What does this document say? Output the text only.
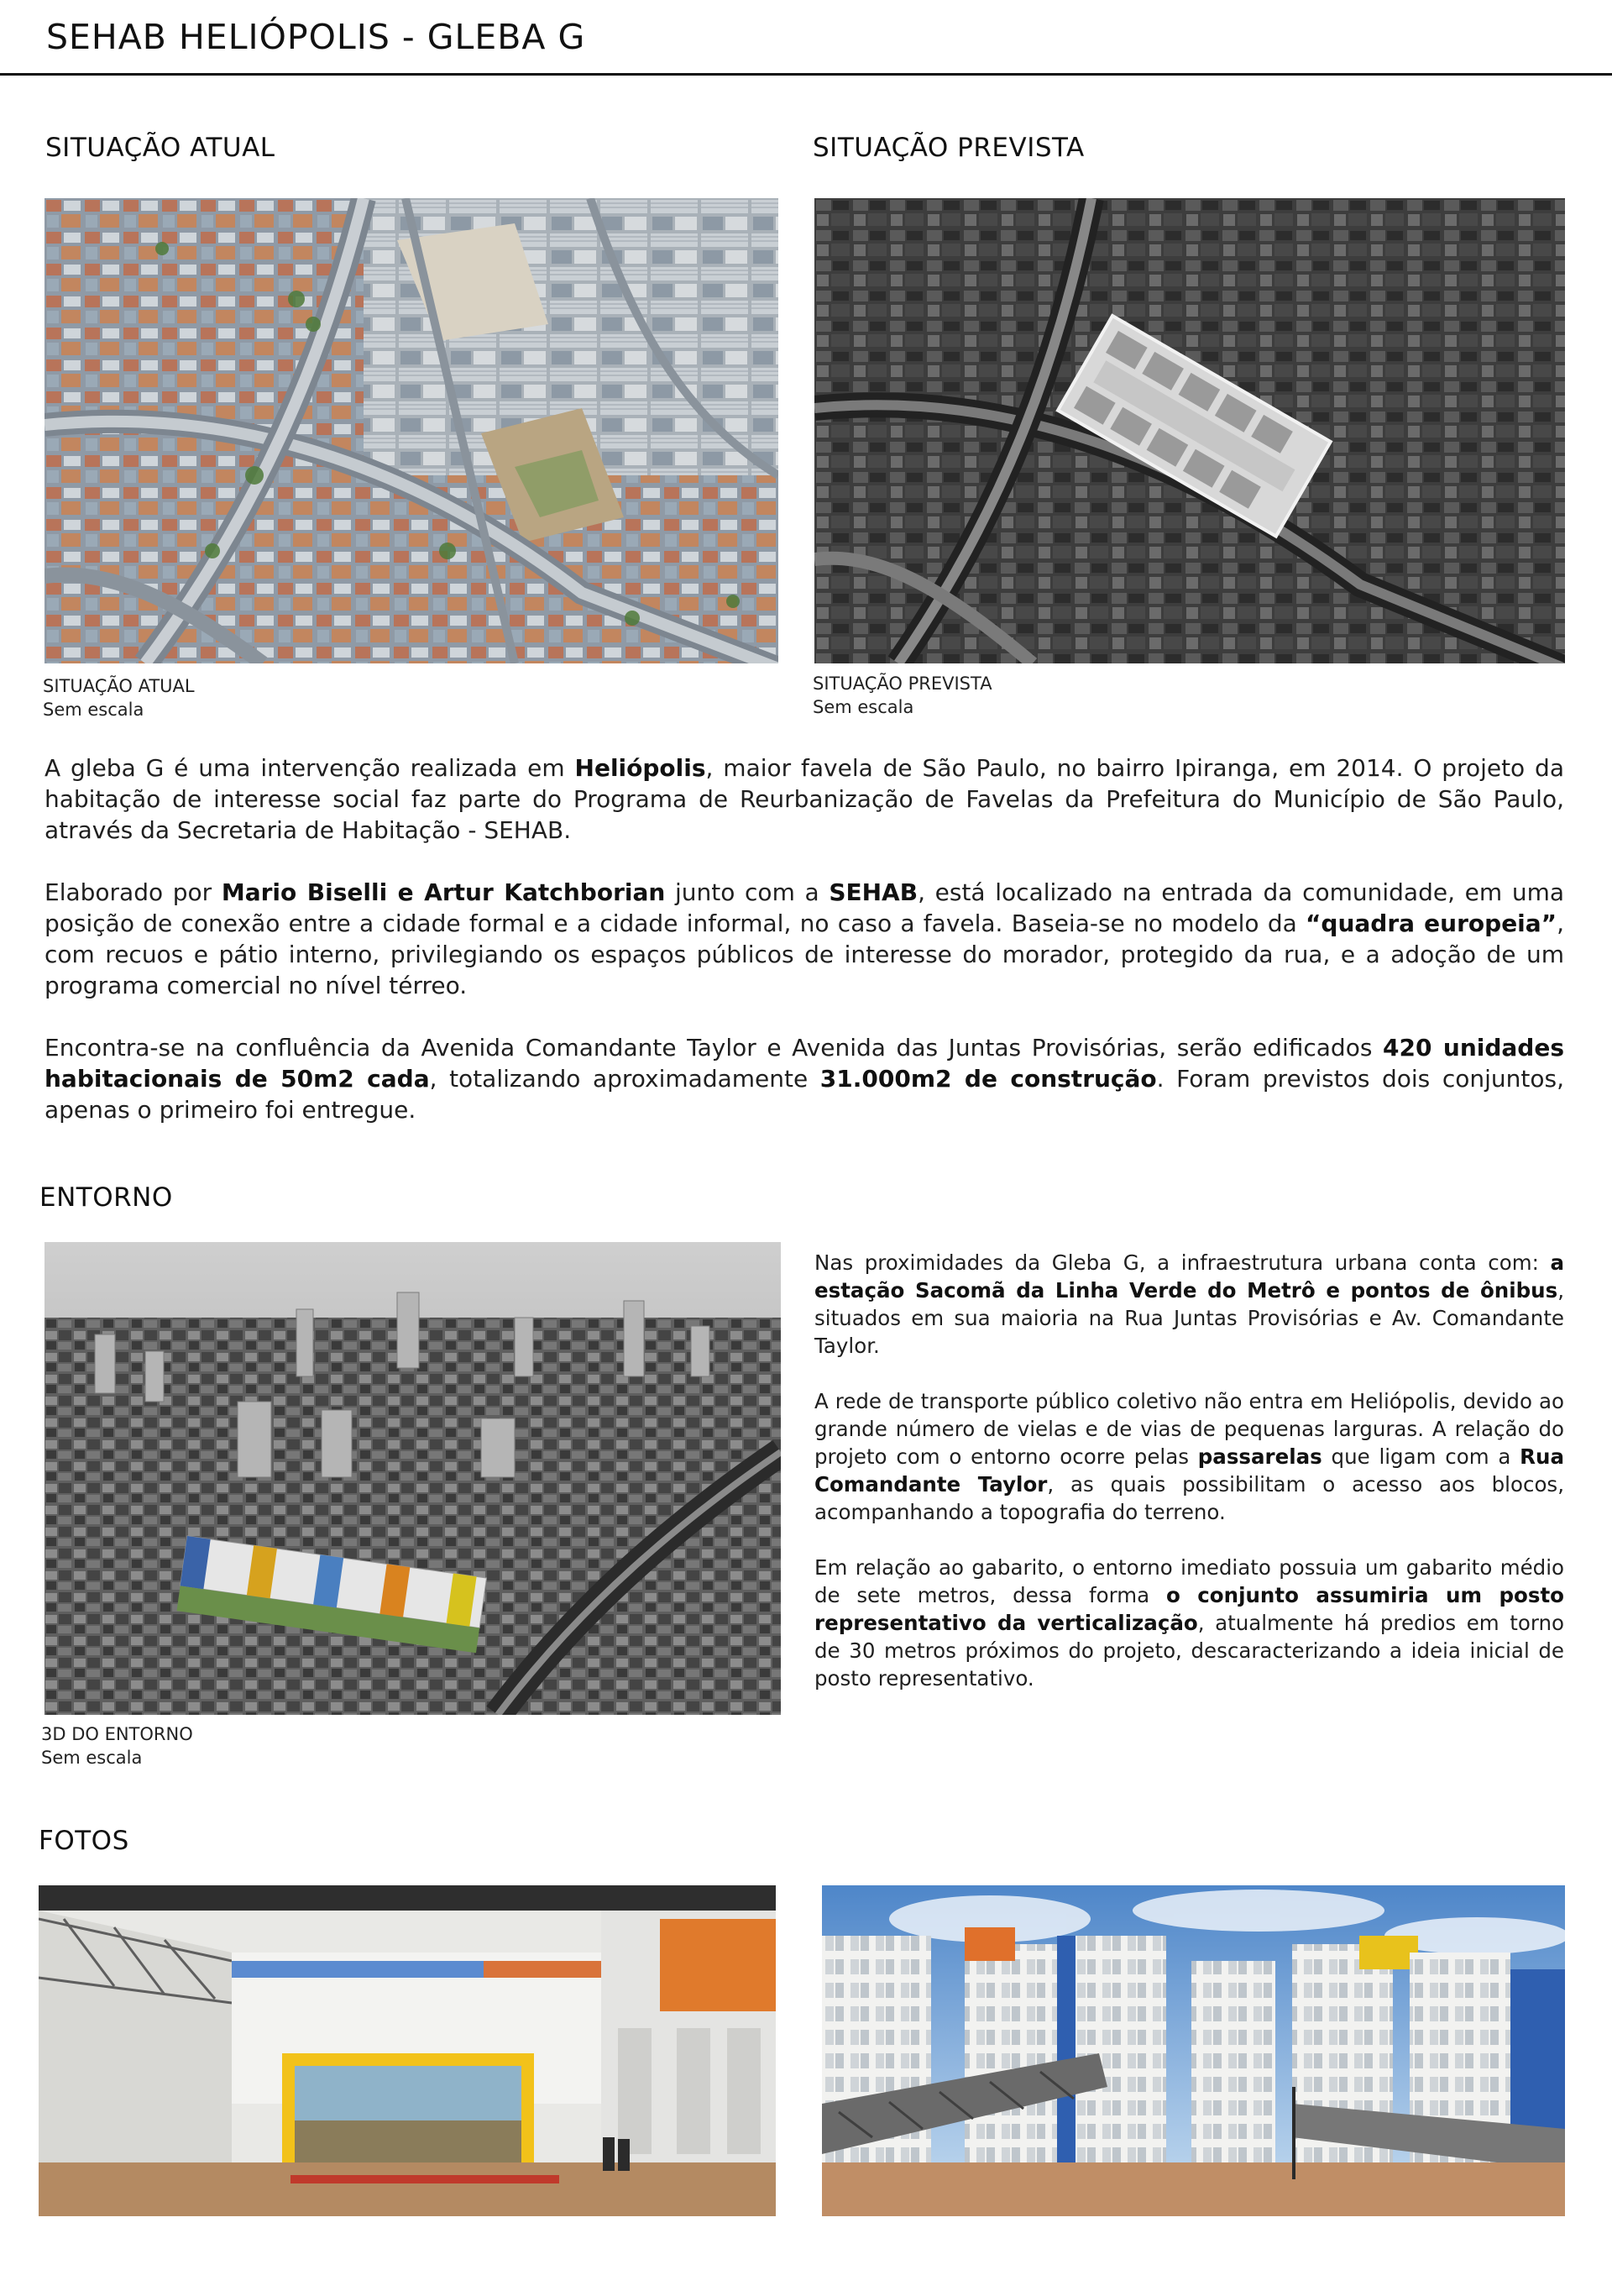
SEHAB HELIÓPOLIS - GLEBA G
SITUAÇÃO ATUAL
SITUAÇÃO ATUAL
Sem escala
SITUAÇÃO PREVISTA
SITUAÇÃO PREVISTA
Sem escala

A gleba G é uma intervenção realizada em Heliópolis, maior favela de São Paulo, no bairro Ipiranga, em 2014. O projeto da habitação de interesse social faz parte do Programa de Reurbanização de Favelas da Prefeitura do Município de São Paulo, através da Secretaria de Habitação - SEHAB.

Elaborado por Mario Biselli e Artur Katchborian junto com a SEHAB, está localizado na entrada da comunidade, em uma posição de conexão entre a cidade formal e a cidade informal, no caso a favela. Baseia-se no modelo da “quadra europeia”, com recuos e pátio interno, privilegiando os espaços públicos de interesse do morador, protegido da rua, e a adoção de um programa comercial no nível térreo.

Encontra-se na confluência da Avenida Comandante Taylor e Avenida das Juntas Provisórias, serão edificados 420 unidades habitacionais de 50m2 cada, totalizando aproximadamente 31.000m2 de construção. Foram previstos dois conjuntos, apenas o primeiro foi entregue.

ENTORNO
3D DO ENTORNO
Sem escala

Nas proximidades da Gleba G, a infraestrutura urbana conta com: a estação Sacomã da Linha Verde do Metrô e pontos de ônibus, situados em sua maioria na Rua Juntas Provisórias e Av. Comandante Taylor.

A rede de transporte público coletivo não entra em Heliópolis, devido ao grande número de vielas e de vias de pequenas larguras. A relação do projeto com o entorno ocorre pelas passarelas que ligam com a Rua Comandante Taylor, as quais possibilitam o acesso aos blocos, acompanhando a topografia do terreno.

Em relação ao gabarito, o entorno imediato possuia um gabarito médio de sete metros, dessa forma o conjunto assumiria um posto representativo da verticalização, atualmente há predios em torno de 30 metros próximos do projeto, descaracterizando a ideia inicial de posto representativo.

FOTOS
